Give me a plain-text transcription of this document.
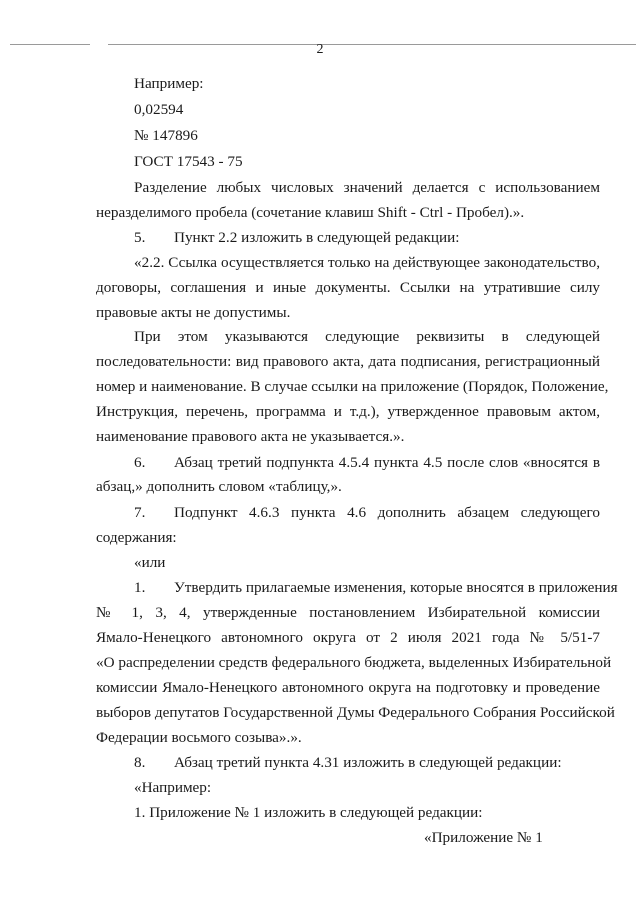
2
Например:
0,02594
№ 147896
ГОСТ 17543 - 75
Разделение любых числовых значений делается с использованием
неразделимого пробела (сочетание клавиш Shift - Ctrl - Пробел).».
5. Пункт 2.2 изложить в следующей редакции:
«2.2. Ссылка осуществляется только на действующее законодательство,
договоры, соглашения и иные документы. Ссылки на утратившие силу
правовые акты не допустимы.
При этом указываются следующие реквизиты в следующей
последовательности: вид правового акта, дата подписания, регистрационный
номер и наименование. В случае ссылки на приложение (Порядок, Положение,
Инструкция, перечень, программа и т.д.), утвержденное правовым актом,
наименование правового акта не указывается.».
6. Абзац третий подпункта 4.5.4 пункта 4.5 после слов «вносятся в
абзац,» дополнить словом «таблицу,».
7. Подпункт 4.6.3 пункта 4.6 дополнить абзацем следующего
содержания:
«или
1. Утвердить прилагаемые изменения, которые вносятся в приложения
№ 1, 3, 4, утвержденные постановлением Избирательной комиссии
Ямало-Ненецкого автономного округа от 2 июля 2021 года № 5/51-7
«О распределении средств федерального бюджета, выделенных Избирательной
комиссии Ямало-Ненецкого автономного округа на подготовку и проведение
выборов депутатов Государственной Думы Федерального Собрания Российской
Федерации восьмого созыва».».
8. Абзац третий пункта 4.31 изложить в следующей редакции:
«Например:
1. Приложение № 1 изложить в следующей редакции:
«Приложение № 1
